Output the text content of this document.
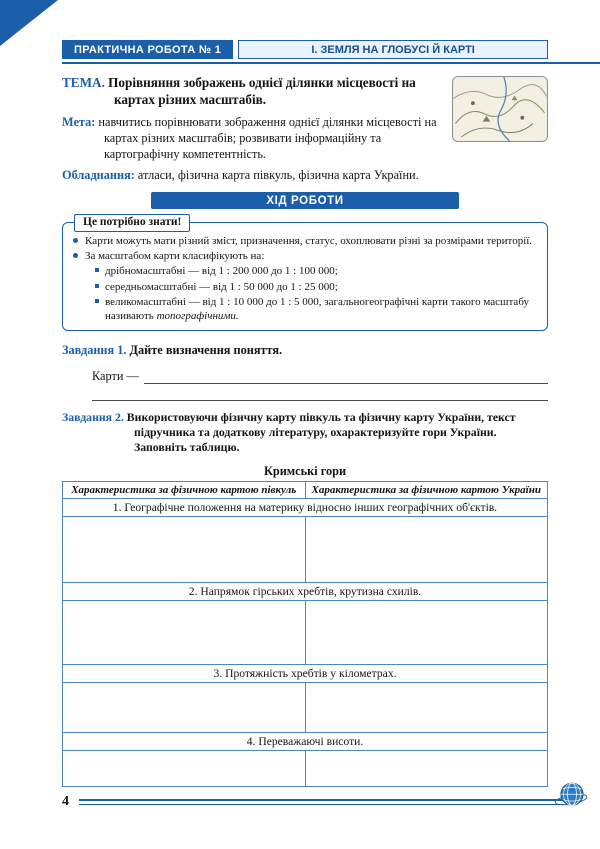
ПРАКТИЧНА РОБОТА № 1	І. ЗЕМЛЯ НА ГЛОБУСІ Й КАРТІ

ТЕМА. Порівняння зображень однієї ділянки місцевості на картах різних масштабів.

Мета: навчитись порівнювати зображення однієї ділянки місцевості на картах різних масштабів; розвивати інформаційну та картографічну компетентність.

Обладнання: атласи, фізична карта півкуль, фізична карта України.

ХІД РОБОТИ
Це потрібно знати!
Карти можуть мати різний зміст, призначення, статус, охоплювати різні за розмірами території.
За масштабом карти класифікують на:
дрібномасштабні — від 1 : 200 000 до 1 : 100 000;
середньомасштабні — від 1 : 50 000 до 1 : 25 000;
великомасштабні — від 1 : 10 000 до 1 : 5 000, загальногеографічні карти такого масштабу називають топографічними.

Завдання 1. Дайте визначення поняття.

Карти —

Завдання 2. Використовуючи фізичну карту півкуль та фізичну карту України, текст підручника та додаткову літературу, охарактеризуйте гори України. Заповніть таблицю.

Кримські гори
Характеристика за фізичною картою півкуль	Характеристика за фізичною картою України
1. Географічне положення на материку відносно інших географічних об'єктів.	

2. Напрямок гірських хребтів, крутизна схилів.	

3. Протяжність хребтів у кілометрах.	

4. Переважаючі висоти.	

4
